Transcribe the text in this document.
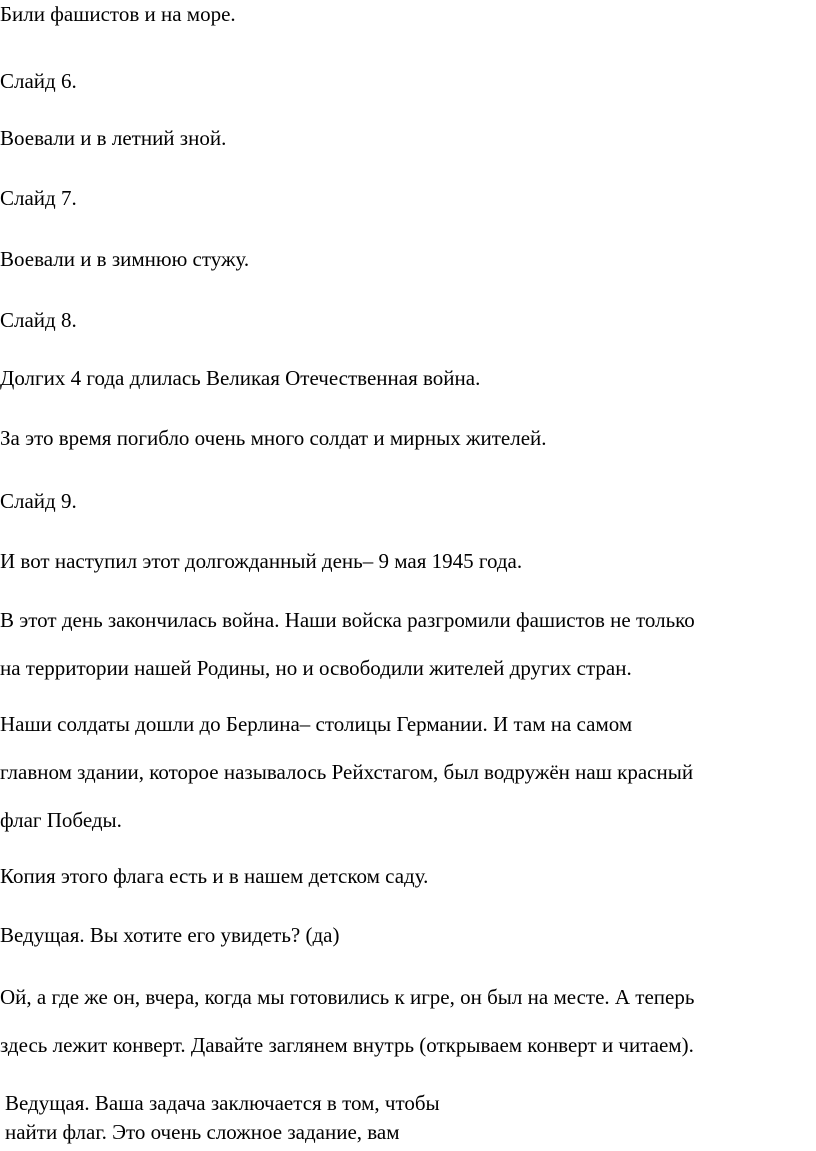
Били фашистов и на море.

Слайд 6.

Воевали и в летний зной.

Слайд 7.

Воевали и в зимнюю стужу.

Слайд 8.

Долгих 4 года длилась Великая Отечественная война.

За это время погибло очень много солдат и мирных жителей.

Слайд 9.

И вот наступил этот долгожданный день– 9 мая 1945 года.

В этот день закончилась война. Наши войска разгромили фашистов не только
на территории нашей Родины, но и освободили жителей других стран.

Наши солдаты дошли до Берлина– столицы Германии. И там на самом
главном здании, которое называлось Рейхстагом, был водружён наш красный
флаг Победы.

Копия этого флага есть и в нашем детском саду.

Ведущая. Вы хотите его увидеть? (да)

Ой, а где же он, вчера, когда мы готовились к игре, он был на месте. А теперь
здесь лежит конверт. Давайте заглянем внутрь (открываем конверт и читаем).

Ведущая. Ваша задача заключается в том, чтобы
найти флаг. Это очень сложное задание, вам
